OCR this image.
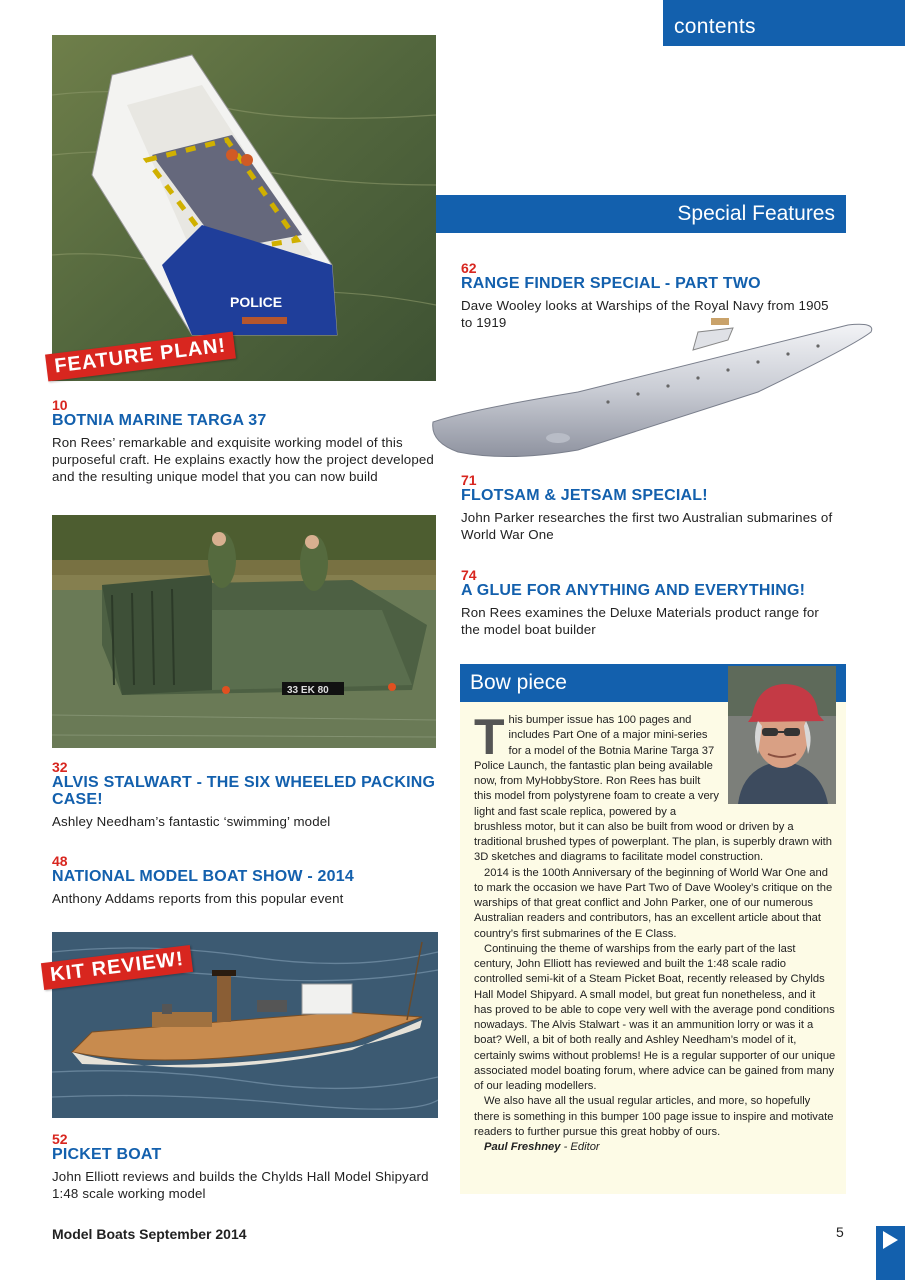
contents
POLICE
FEATURE PLAN!
10
BOTNIA MARINE TARGA 37
Ron Rees’ remarkable and exquisite working model of this purposeful craft. He explains exactly how the project developed and the resulting unique model that you can now build
33 EK 80
32
ALVIS STALWART - THE SIX WHEELED PACKING CASE!
Ashley Needham’s fantastic ‘swimming’ model
48
NATIONAL MODEL BOAT SHOW - 2014
Anthony Addams reports from this popular event
KIT REVIEW!
52
PICKET BOAT
John Elliott reviews and builds the Chylds Hall Model Shipyard 1:48 scale working model
Special Features
62
RANGE FINDER SPECIAL - PART TWO
Dave Wooley looks at Warships of the Royal Navy from 1905 to 1919
71
FLOTSAM & JETSAM SPECIAL!
John Parker researches the first two Australian submarines of World War One
74
A GLUE FOR ANYTHING AND EVERYTHING!
Ron Rees examines the Deluxe Materials product range for the model boat builder
Bow piece
T his bumper issue has 100 pages and includes Part One of a major mini-series for a model of the Botnia Marine Targa 37 Police Launch, the fantastic plan being available now, from MyHobbyStore. Ron Rees has built this model from polystyrene foam to create a very light and fast scale replica, powered by a brushless motor, but it can also be built from wood or driven by a traditional brushed types of powerplant. The plan, is superbly drawn with 3D sketches and diagrams to facilitate model construction.

2014 is the 100th Anniversary of the beginning of World War One and to mark the occasion we have Part Two of Dave Wooley’s critique on the warships of that great conflict and John Parker, one of our numerous Australian readers and contributors, has an excellent article about that country’s first submarines of the E Class.

Continuing the theme of warships from the early part of the last century, John Elliott has reviewed and built the 1:48 scale radio controlled semi-kit of a Steam Picket Boat, recently released by Chylds Hall Model Shipyard. A small model, but great fun nonetheless, and it has proved to be able to cope very well with the average pond conditions nowadays. The Alvis Stalwart - was it an ammunition lorry or was it a boat? Well, a bit of both really and Ashley Needham’s model of it, certainly swims without problems! He is a regular supporter of our unique associated model boating forum, where advice can be gained from many of our leading modellers.

We also have all the usual regular articles, and more, so hopefully there is something in this bumper 100 page issue to inspire and motivate readers to further pursue this great hobby of ours.

Paul Freshney - Editor

Model Boats September 2014	5
